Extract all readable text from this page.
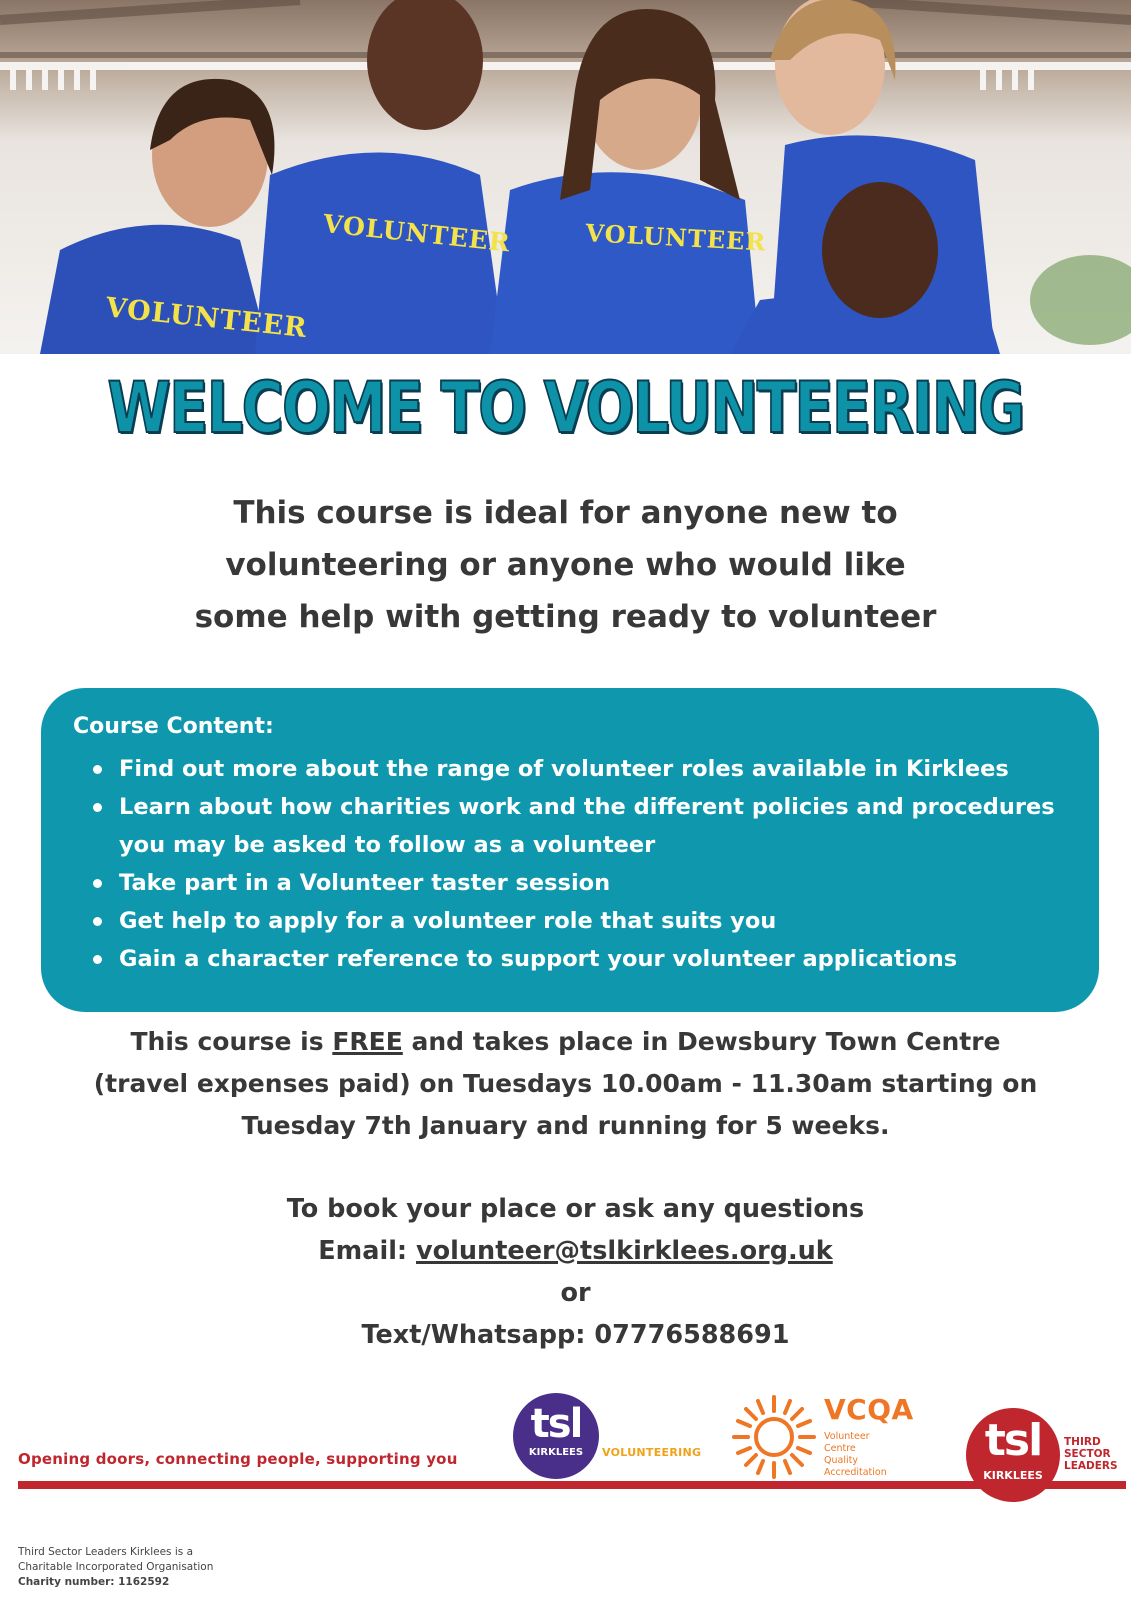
VOLUNTEER
VOLUNTEER	VOLUNTEER
WELCOME TO VOLUNTEERING
This course is ideal for anyone new to
volunteering or anyone who would like
some help with getting ready to volunteer
Course Content:
Find out more about the range of volunteer roles available in Kirklees
Learn about how charities work and the different policies and procedures you may be asked to follow as a volunteer
Take part in a Volunteer taster session
Get help to apply for a volunteer role that suits you
Gain a character reference to support your volunteer applications
This course is FREE and takes place in Dewsbury Town Centre
(travel expenses paid) on Tuesdays 10.00am - 11.30am starting on
Tuesday 7th January and running for 5 weeks.
To book your place or ask any questions
Email: volunteer@tslkirklees.org.uk
or
Text/Whatsapp: 07776588691
Opening doors, connecting people, supporting you
tsl
KIRKLEES	VOLUNTEERING
VCQA
Volunteer
Centre
Quality
Accreditation
tsl
KIRKLEES
THIRD
SECTOR
LEADERS
Third Sector Leaders Kirklees is a
Charitable Incorporated Organisation
Charity number: 1162592
